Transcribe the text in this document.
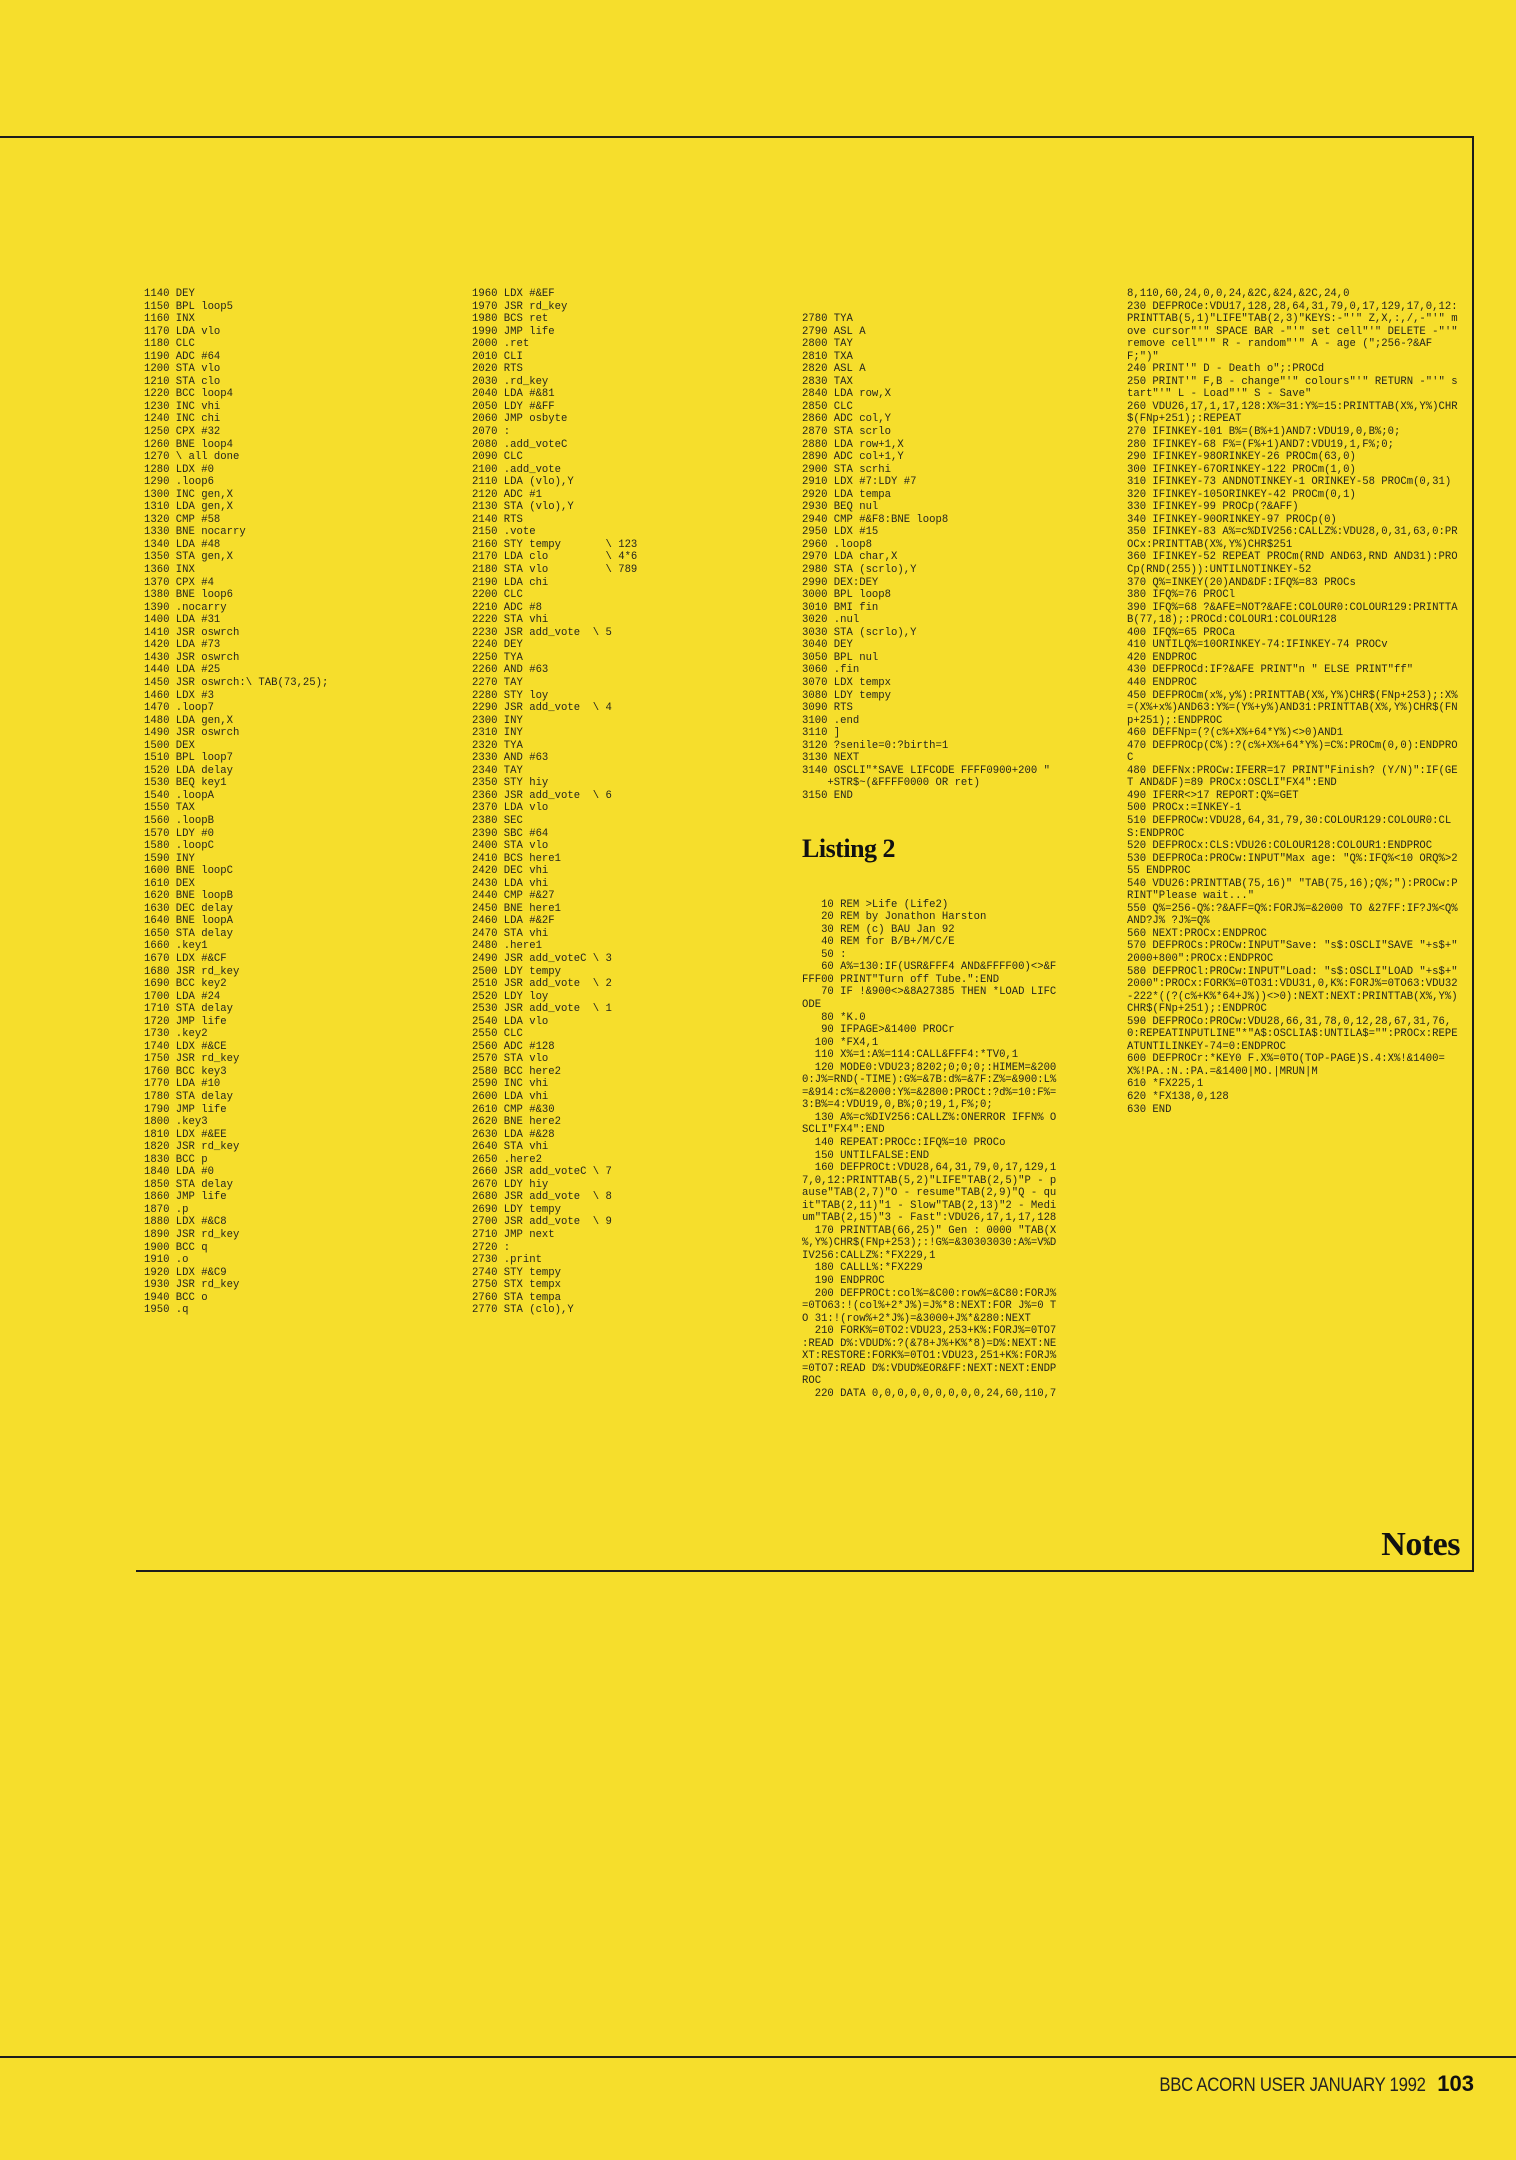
1140 DEY
1150 BPL loop5
1160 INX
1170 LDA vlo
1180 CLC
1190 ADC #64
1200 STA vlo
1210 STA clo
1220 BCC loop4
1230 INC vhi
1240 INC chi
1250 CPX #32
1260 BNE loop4
1270 \ all done
1280 LDX #0
1290 .loop6
1300 INC gen,X
1310 LDA gen,X
1320 CMP #58
1330 BNE nocarry
1340 LDA #48
1350 STA gen,X
1360 INX
1370 CPX #4
1380 BNE loop6
1390 .nocarry
1400 LDA #31
1410 JSR oswrch
1420 LDA #73
1430 JSR oswrch
1440 LDA #25
1450 JSR oswrch:\ TAB(73,25);
1460 LDX #3
1470 .loop7
1480 LDA gen,X
1490 JSR oswrch
1500 DEX
1510 BPL loop7
1520 LDA delay
1530 BEQ key1
1540 .loopA
1550 TAX
1560 .loopB
1570 LDY #0
1580 .loopC
1590 INY
1600 BNE loopC
1610 DEX
1620 BNE loopB
1630 DEC delay
1640 BNE loopA
1650 STA delay
1660 .key1
1670 LDX #&CF
1680 JSR rd_key
1690 BCC key2
1700 LDA #24
1710 STA delay
1720 JMP life
1730 .key2
1740 LDX #&CE
1750 JSR rd_key
1760 BCC key3
1770 LDA #10
1780 STA delay
1790 JMP life
1800 .key3
1810 LDX #&EE
1820 JSR rd_key
1830 BCC p
1840 LDA #0
1850 STA delay
1860 JMP life
1870 .p
1880 LDX #&C8
1890 JSR rd_key
1900 BCC q
1910 .o
1920 LDX #&C9
1930 JSR rd_key
1940 BCC o
1950 .q
1960 LDX #&EF
1970 JSR rd_key
1980 BCS ret
1990 JMP life
2000 .ret
2010 CLI
2020 RTS
2030 .rd_key
2040 LDA #&81
2050 LDY #&FF
2060 JMP osbyte
2070 :
2080 .add_voteC
2090 CLC
2100 .add_vote
2110 LDA (vlo),Y
2120 ADC #1
2130 STA (vlo),Y
2140 RTS
2150 .vote
2160 STY tempy       \ 123
2170 LDA clo         \ 4*6
2180 STA vlo         \ 789
2190 LDA chi
2200 CLC
2210 ADC #8
2220 STA vhi
2230 JSR add_vote  \ 5
2240 DEY
2250 TYA
2260 AND #63
2270 TAY
2280 STY loy
2290 JSR add_vote  \ 4
2300 INY
2310 INY
2320 TYA
2330 AND #63
2340 TAY
2350 STY hiy
2360 JSR add_vote  \ 6
2370 LDA vlo
2380 SEC
2390 SBC #64
2400 STA vlo
2410 BCS here1
2420 DEC vhi
2430 LDA vhi
2440 CMP #&27
2450 BNE here1
2460 LDA #&2F
2470 STA vhi
2480 .here1
2490 JSR add_voteC \ 3
2500 LDY tempy
2510 JSR add_vote  \ 2
2520 LDY loy
2530 JSR add_vote  \ 1
2540 LDA vlo
2550 CLC
2560 ADC #128
2570 STA vlo
2580 BCC here2
2590 INC vhi
2600 LDA vhi
2610 CMP #&30
2620 BNE here2
2630 LDA #&28
2640 STA vhi
2650 .here2
2660 JSR add_voteC \ 7
2670 LDY hiy
2680 JSR add_vote  \ 8
2690 LDY tempy
2700 JSR add_vote  \ 9
2710 JMP next
2720 :
2730 .print
2740 STY tempy
2750 STX tempx
2760 STA tempa
2770 STA (clo),Y

2780 TYA
2790 ASL A
2800 TAY
2810 TXA
2820 ASL A
2830 TAX
2840 LDA row,X
2850 CLC
2860 ADC col,Y
2870 STA scrlo
2880 LDA row+1,X
2890 ADC col+1,Y
2900 STA scrhi
2910 LDX #7:LDY #7
2920 LDA tempa
2930 BEQ nul
2940 CMP #&F8:BNE loop8
2950 LDX #15
2960 .loop8
2970 LDA char,X
2980 STA (scrlo),Y
2990 DEX:DEY
3000 BPL loop8
3010 BMI fin
3020 .nul
3030 STA (scrlo),Y
3040 DEY
3050 BPL nul
3060 .fin
3070 LDX tempx
3080 LDY tempy
3090 RTS
3100 .end
3110 ]
3120 ?senile=0:?birth=1
3130 NEXT
3140 OSCLI"*SAVE LIFCODE FFFF0900+200 "
+STR$~(&FFFF0000 OR ret)
3150 END

Listing 2

10 REM >Life (Life2)
20 REM by Jonathon Harston
30 REM (c) BAU Jan 92
40 REM for B/B+/M/C/E
50 :
60 A%=130:IF(USR&FFF4 AND&FFFF00)<>&F
FFF00 PRINT"Turn off Tube.":END
70 IF !&900<>&8A27385 THEN *LOAD LIFC
ODE
80 *K.0
90 IFPAGE>&1400 PROCr
100 *FX4,1
110 X%=1:A%=114:CALL&FFF4:*TV0,1
120 MODE0:VDU23;8202;0;0;0;:HIMEM=&200
0:J%=RND(-TIME):G%=&7B:d%=&7F:Z%=&900:L%
=&914:c%=&2000:Y%=&2800:PROCt:?d%=10:F%=
3:B%=4:VDU19,0,B%;0;19,1,F%;0;
130 A%=c%DIV256:CALLZ%:ONERROR IFFN% O
SCLI"FX4":END
140 REPEAT:PROCc:IFQ%=10 PROCo
150 UNTILFALSE:END
160 DEFPROCt:VDU28,64,31,79,0,17,129,1
7,0,12:PRINTTAB(5,2)"LIFE"TAB(2,5)"P - p
ause"TAB(2,7)"O - resume"TAB(2,9)"Q - qu
it"TAB(2,11)"1 - Slow"TAB(2,13)"2 - Medi
um"TAB(2,15)"3 - Fast":VDU26,17,1,17,128
170 PRINTTAB(66,25)" Gen : 0000 "TAB(X
%,Y%)CHR$(FNp+253);:!G%=&30303030:A%=V%D
IV256:CALLZ%:*FX229,1
180 CALLL%:*FX229
190 ENDPROC
200 DEFPROCt:col%=&C00:row%=&C80:FORJ%
=0TO63:!(col%+2*J%)=J%*8:NEXT:FOR J%=0 T
O 31:!(row%+2*J%)=&3000+J%*&280:NEXT
210 FORK%=0TO2:VDU23,253+K%:FORJ%=0TO7
:READ D%:VDUD%:?(&78+J%+K%*8)=D%:NEXT:NE
XT:RESTORE:FORK%=0TO1:VDU23,251+K%:FORJ%
=0TO7:READ D%:VDUD%EOR&FF:NEXT:NEXT:ENDP
ROC
220 DATA 0,0,0,0,0,0,0,0,0,24,60,110,7

8,110,60,24,0,0,24,&2C,&24,&2C,24,0
230 DEFPROCe:VDU17,128,28,64,31,79,0,17,129,17,0,12:PRINTTAB(5,1)"LIFE"TAB(2,3)"KEYS:-"'" Z,X,:,/,-"'" move cursor"'" SPACE BAR -"'" set cell"'" DELETE -"'" remove cell"'" R - random"'" A - age (";256-?&AFF;")"
240 PRINT'" D - Death o";:PROCd
250 PRINT'" F,B - change"'" colours"'" RETURN -"'" start"'" L - Load"'" S - Save"
260 VDU26,17,1,17,128:X%=31:Y%=15:PRINTTAB(X%,Y%)CHR$(FNp+251);:REPEAT
270 IFINKEY-101 B%=(B%+1)AND7:VDU19,0,B%;0;
280 IFINKEY-68 F%=(F%+1)AND7:VDU19,1,F%;0;
290 IFINKEY-98ORINKEY-26 PROCm(63,0)
300 IFINKEY-67ORINKEY-122 PROCm(1,0)
310 IFINKEY-73 ANDNOTINKEY-1 ORINKEY-58 PROCm(0,31)
320 IFINKEY-105ORINKEY-42 PROCm(0,1)
330 IFINKEY-99 PROCp(?&AFF)
340 IFINKEY-90ORINKEY-97 PROCp(0)
350 IFINKEY-83 A%=c%DIV256:CALLZ%:VDU28,0,31,63,0:PROCx:PRINTTAB(X%,Y%)CHR$251
360 IFINKEY-52 REPEAT PROCm(RND AND63,RND AND31):PROCp(RND(255)):UNTILNOTINKEY-52
370 Q%=INKEY(20)AND&DF:IFQ%=83 PROCs
380 IFQ%=76 PROCl
390 IFQ%=68 ?&AFE=NOT?&AFE:COLOUR0:COLOUR129:PRINTTAB(77,18);:PROCd:COLOUR1:COLOUR128
400 IFQ%=65 PROCa
410 UNTILQ%=10ORINKEY-74:IFINKEY-74 PROCv
420 ENDPROC
430 DEFPROCd:IF?&AFE PRINT"n " ELSE PRINT"ff"
440 ENDPROC
450 DEFPROCm(x%,y%):PRINTTAB(X%,Y%)CHR$(FNp+253);:X%=(X%+x%)AND63:Y%=(Y%+y%)AND31:PRINTTAB(X%,Y%)CHR$(FNp+251);:ENDPROC
460 DEFFNp=(?(c%+X%+64*Y%)<>0)AND1
470 DEFPROCp(C%):?(c%+X%+64*Y%)=C%:PROCm(0,0):ENDPROC
480 DEFFNx:PROCw:IFERR=17 PRINT"Finish? (Y/N)":IF(GET AND&DF)=89 PROCx:OSCLI"FX4":END
490 IFERR<>17 REPORT:Q%=GET
500 PROCx:=INKEY-1
510 DEFPROCw:VDU28,64,31,79,30:COLOUR129:COLOUR0:CLS:ENDPROC
520 DEFPROCx:CLS:VDU26:COLOUR128:COLOUR1:ENDPROC
530 DEFPROCa:PROCw:INPUT"Max age: "Q%:IFQ%<10 ORQ%>255 ENDPROC
540 VDU26:PRINTTAB(75,16)" "TAB(75,16);Q%;"):PROCw:PRINT"Please wait..."
550 Q%=256-Q%:?&AFF=Q%:FORJ%=&2000 TO &27FF:IF?J%<Q% AND?J% ?J%=Q%
560 NEXT:PROCx:ENDPROC
570 DEFPROCs:PROCw:INPUT"Save: "s$:OSCLI"SAVE "+s$+" 2000+800":PROCx:ENDPROC
580 DEFPROCl:PROCw:INPUT"Load: "s$:OSCLI"LOAD "+s$+" 2000":PROCx:FORK%=0TO31:VDU31,0,K%:FORJ%=0TO63:VDU32-222*((?(c%+K%*64+J%))<>0):NEXT:NEXT:PRINTTAB(X%,Y%)CHR$(FNp+251);:ENDPROC
590 DEFPROCo:PROCw:VDU28,66,31,78,0,12,28,67,31,76,0:REPEATINPUTLINE"*"A$:OSCLIA$:UNTILA$="":PROCx:REPEATUNTILINKEY-74=0:ENDPROC
600 DEFPROCr:*KEY0 F.X%=0TO(TOP-PAGE)S.4:X%!&1400=X%!PA.:N.:PA.=&1400|MO.|MRUN|M
610 *FX225,1
620 *FX138,0,128
630 END
Notes
BBC ACORN USER JANUARY 1992 103
